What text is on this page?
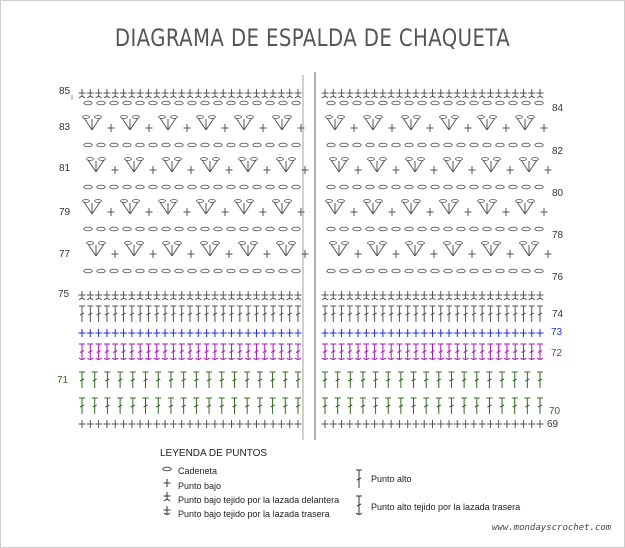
DIAGRAMA DE ESPALDA DE CHAQUETA
85
83
81
79
77
75
71
84
82
80
78
76
74
73
72
70
69
LEYENDA DE PUNTOS
Cadeneta
Punto bajo
Punto bajo tejido por la lazada delantera
Punto bajo tejido por la lazada trasera
Punto alto
Punto alto tejido por la lazada trasera
www.mondayscrochet.com
